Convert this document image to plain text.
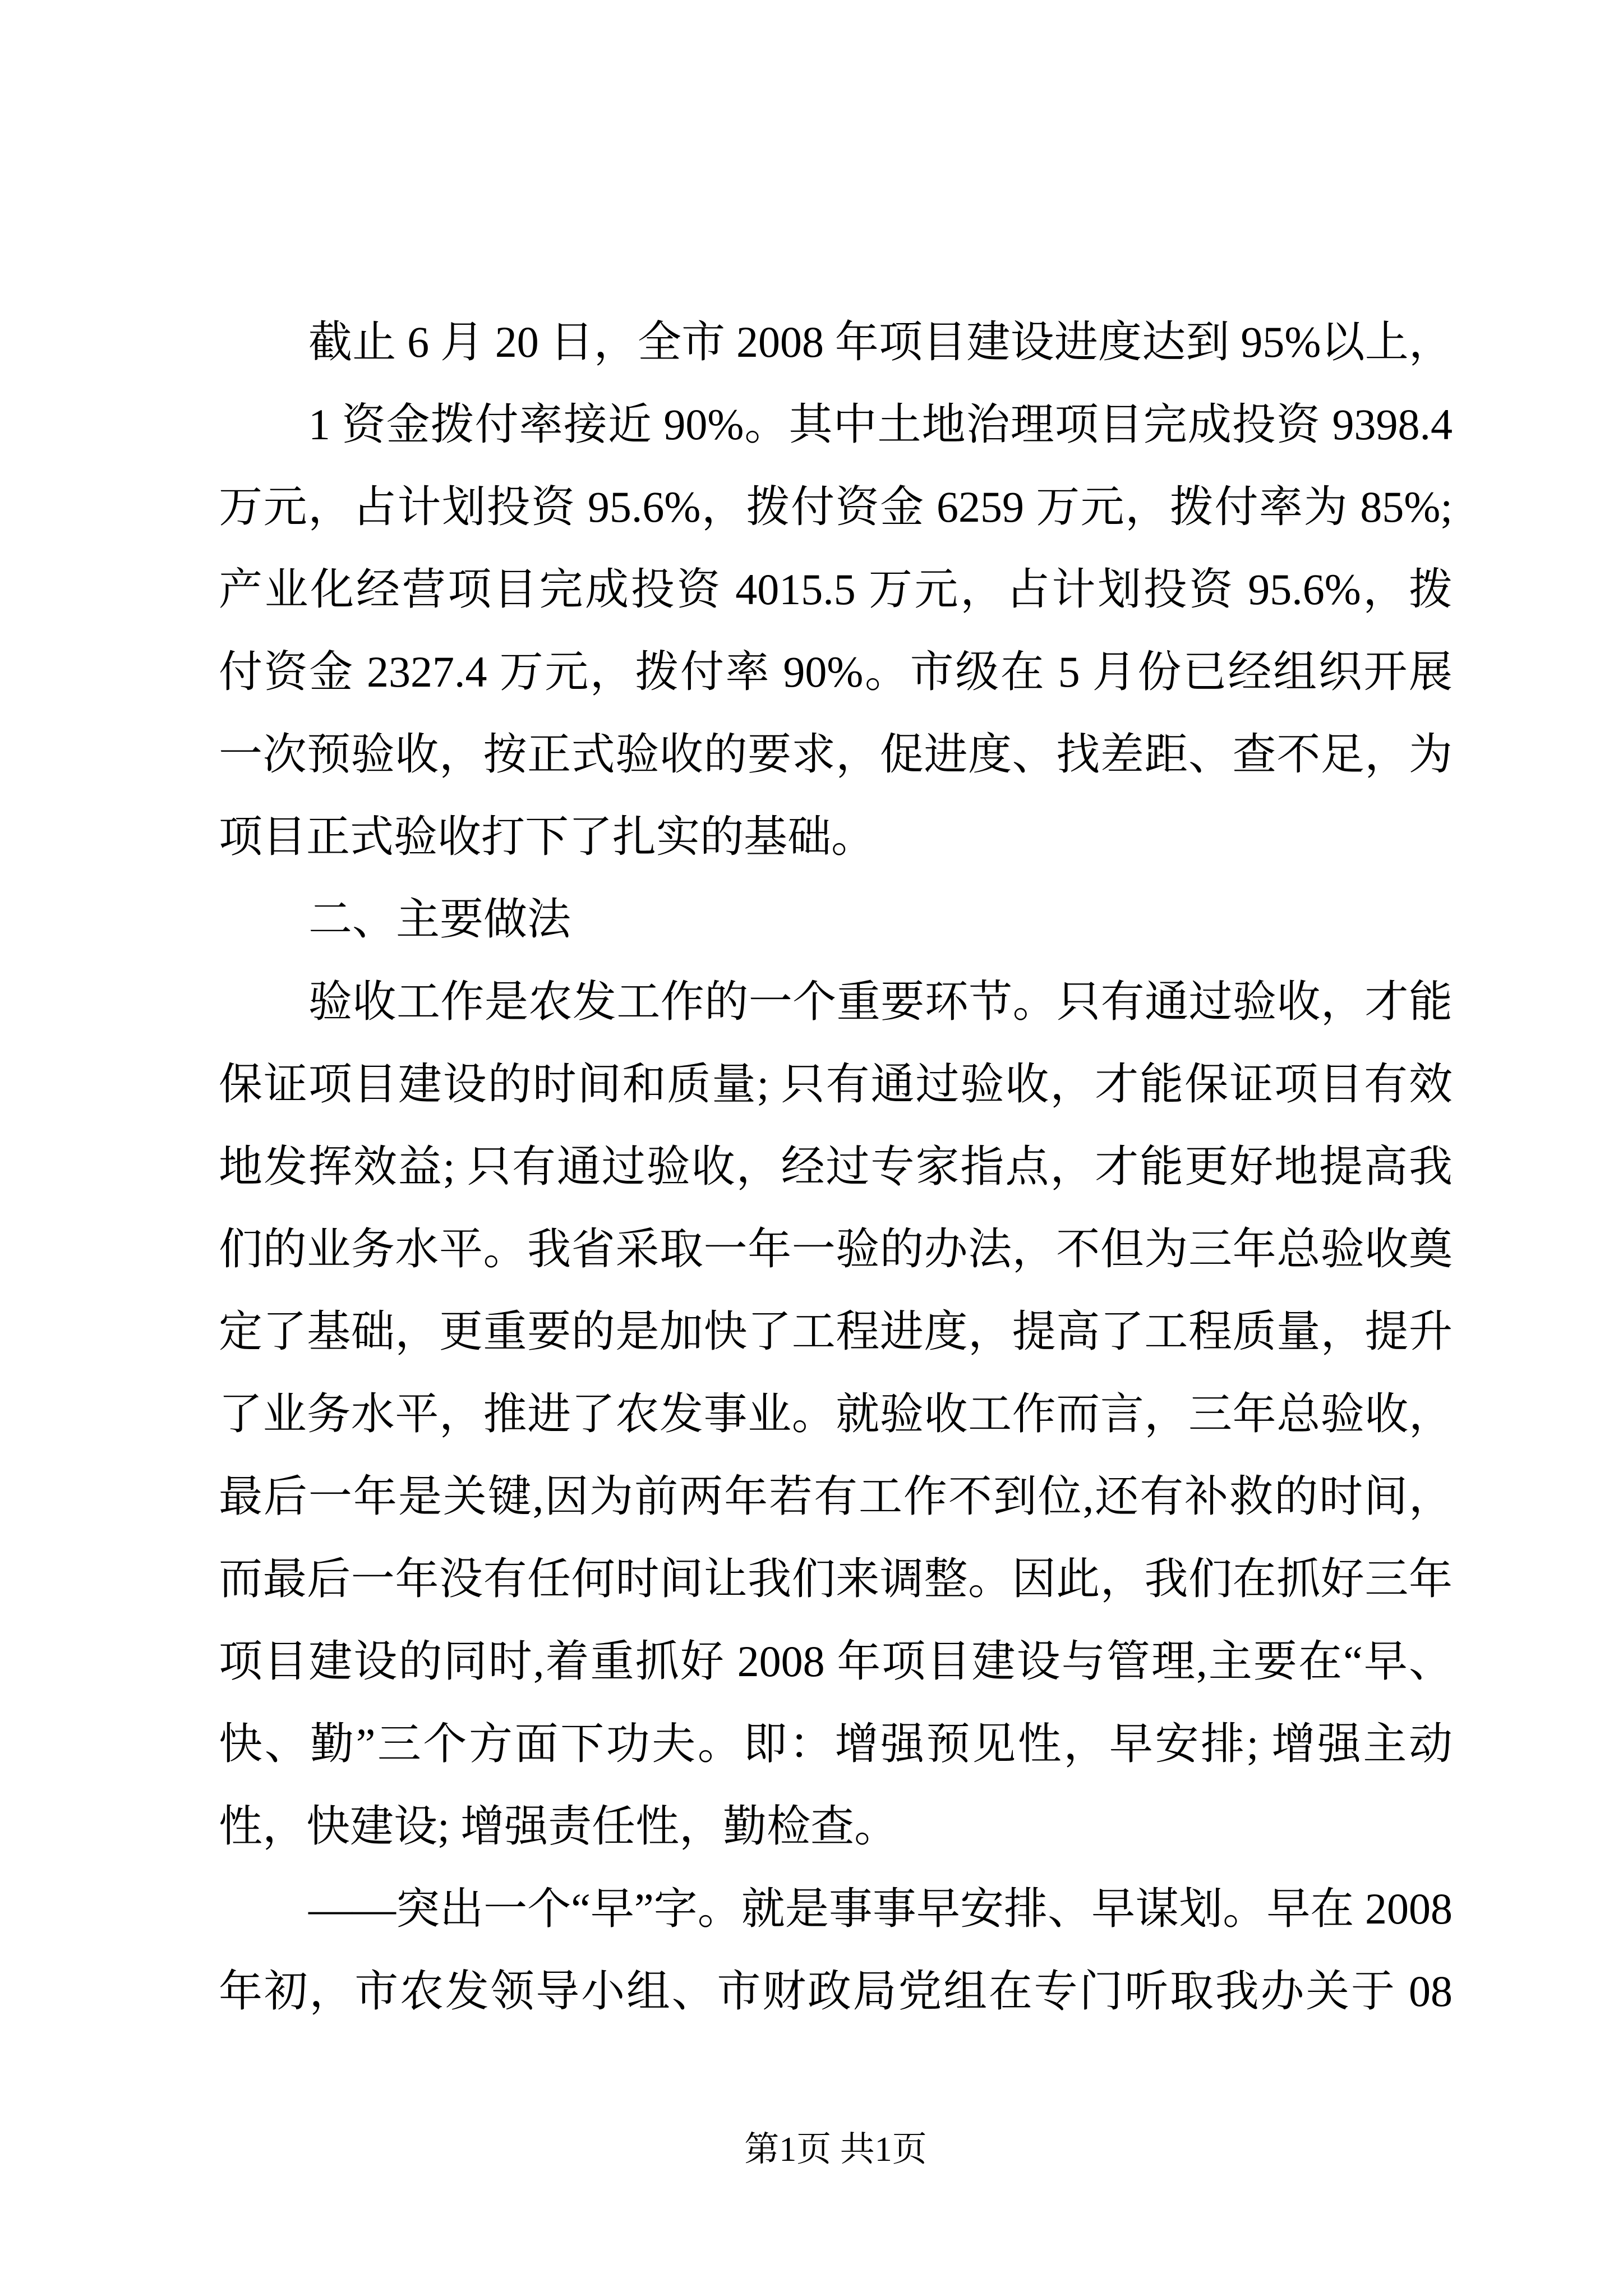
截止 6 月 20 日，全市 2008 年项目建设进度达到 95%以上，
1 资金拨付率接近 90%。其中土地治理项目完成投资 9398.4
万元，占计划投资 95.6%，拨付资金 6259 万元，拨付率为 85%;
产业化经营项目完成投资 4015.5 万元，占计划投资 95.6%，拨
付资金 2327.4 万元，拨付率 90%。市级在 5 月份已经组织开展
一次预验收，按正式验收的要求，促进度、找差距、查不足，为
项目正式验收打下了扎实的基础。
二、主要做法
验收工作是农发工作的一个重要环节。只有通过验收，才能
保证项目建设的时间和质量; 只有通过验收，才能保证项目有效
地发挥效益; 只有通过验收，经过专家指点，才能更好地提高我
们的业务水平。我省采取一年一验的办法，不但为三年总验收奠
定了基础，更重要的是加快了工程进度，提高了工程质量，提升
了业务水平，推进了农发事业。就验收工作而言，三年总验收，
最后一年是关键,因为前两年若有工作不到位,还有补救的时间，
而最后一年没有任何时间让我们来调整。因此，我们在抓好三年
项目建设的同时,着重抓好 2008 年项目建设与管理,主要在“早、
快、勤”三个方面下功夫。即：增强预见性，早安排; 增强主动
性，快建设; 增强责任性，勤检查。
——突出一个“早”字。就是事事早安排、早谋划。早在 2008
年初，市农发领导小组、市财政局党组在专门听取我办关于 08
第1页 共1页
